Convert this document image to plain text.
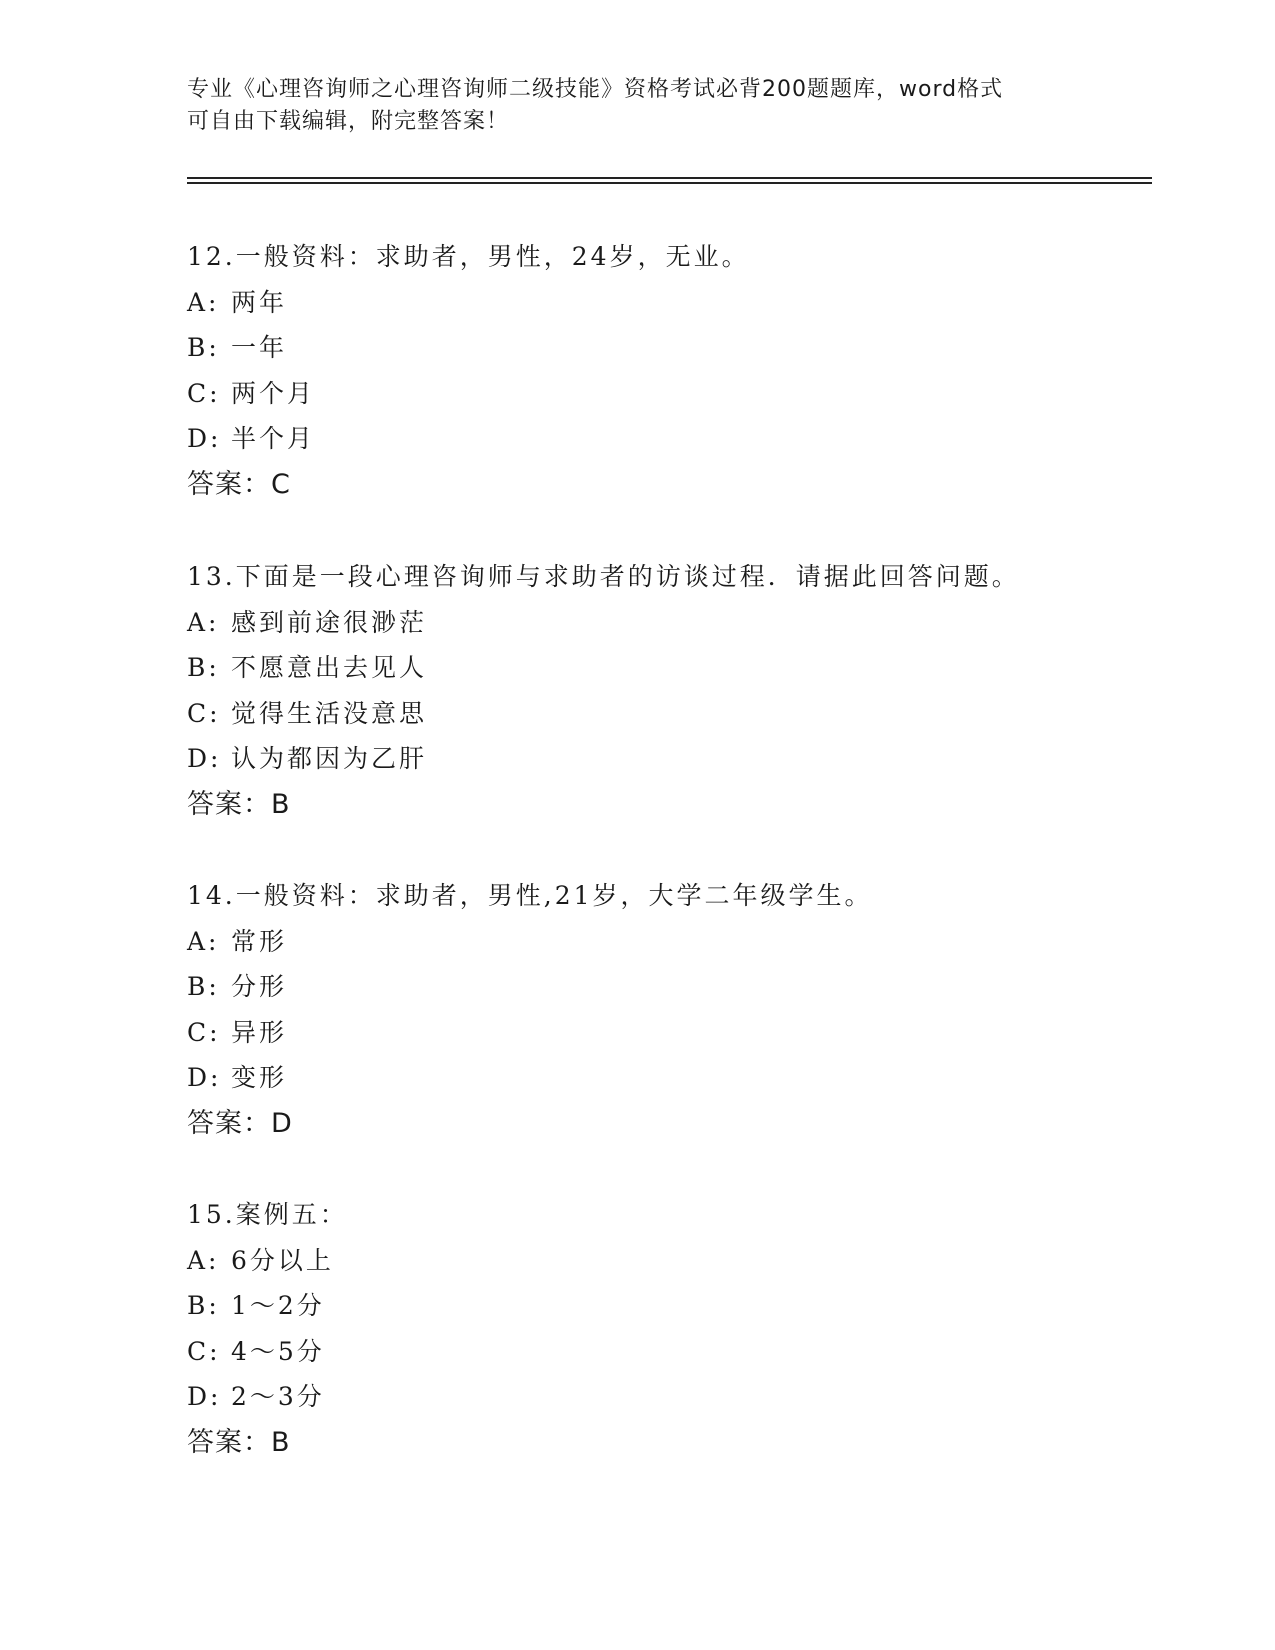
专业《心理咨询师之心理咨询师二级技能》资格考试必背200题题库，word格式
可自由下载编辑，附完整答案！
12.一般资料：求助者，男性，24岁，无业。
A: 两年
B: 一年
C: 两个月
D: 半个月
答案：C
13.下面是一段心理咨询师与求助者的访谈过程．请据此回答问题。
A: 感到前途很渺茫
B: 不愿意出去见人
C: 觉得生活没意思
D: 认为都因为乙肝
答案：B
14.一般资料：求助者，男性,21岁，大学二年级学生。
A: 常形
B: 分形
C: 异形
D: 变形
答案：D
15.案例五：
A: 6分以上
B: 1～2分
C: 4～5分
D: 2～3分
答案：B
